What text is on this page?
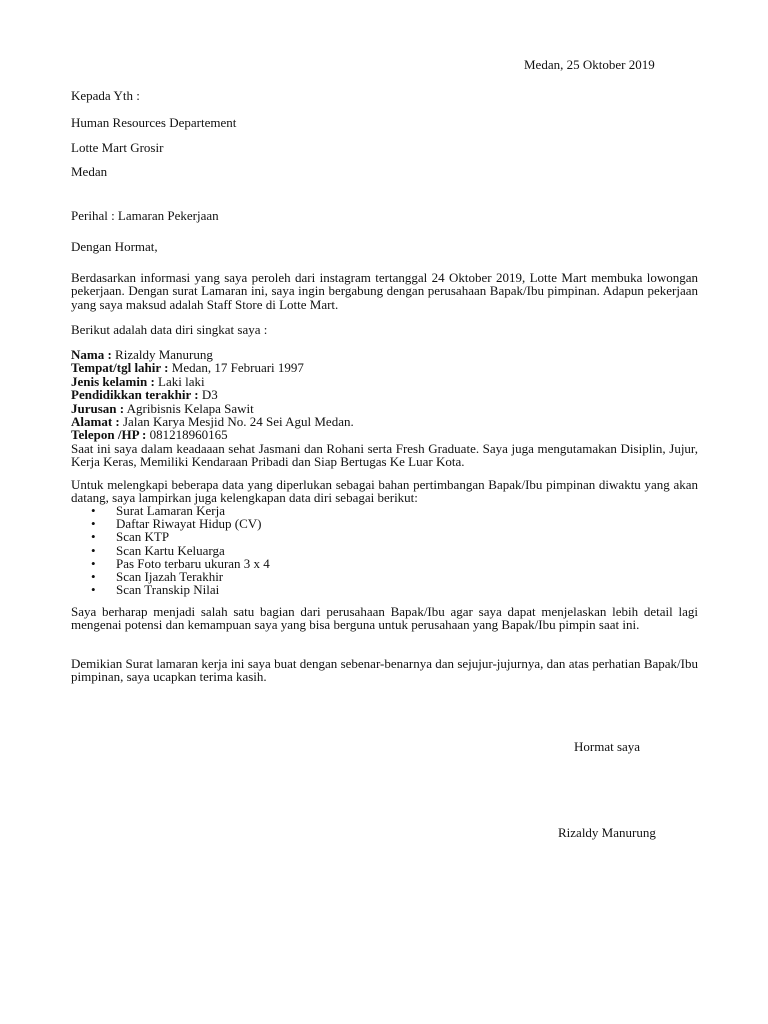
Medan, 25 Oktober 2019
Kepada Yth :
Human Resources Departement
Lotte Mart Grosir
Medan
Perihal : Lamaran Pekerjaan
Dengan Hormat,
Berdasarkan informasi yang saya peroleh dari instagram tertanggal 24 Oktober 2019, Lotte Mart membuka lowongan pekerjaan. Dengan surat Lamaran ini, saya ingin bergabung dengan perusahaan Bapak/Ibu pimpinan. Adapun pekerjaan yang saya maksud adalah Staff Store di Lotte Mart.
Berikut adalah data diri singkat saya :
Nama : Rizaldy Manurung
Tempat/tgl lahir : Medan, 17 Februari 1997
Jenis kelamin : Laki laki
Pendidikkan terakhir : D3
Jurusan : Agribisnis Kelapa Sawit
Alamat : Jalan Karya Mesjid No. 24 Sei Agul Medan.
Telepon /HP : 081218960165
Saat ini saya dalam keadaaan sehat Jasmani dan Rohani serta Fresh Graduate. Saya juga mengutamakan Disiplin, Jujur, Kerja Keras, Memiliki Kendaraan Pribadi dan Siap Bertugas Ke Luar Kota.
Untuk melengkapi beberapa data yang diperlukan sebagai bahan pertimbangan Bapak/Ibu pimpinan diwaktu yang akan datang, saya lampirkan juga kelengkapan data diri sebagai berikut:
• Surat Lamaran Kerja
• Daftar Riwayat Hidup (CV)
• Scan KTP
• Scan Kartu Keluarga
• Pas Foto terbaru ukuran 3 x 4
• Scan Ijazah Terakhir
• Scan Transkip Nilai
Saya berharap menjadi salah satu bagian dari perusahaan Bapak/Ibu agar saya dapat menjelaskan lebih detail lagi mengenai potensi dan kemampuan saya yang bisa berguna untuk perusahaan yang Bapak/Ibu pimpin saat ini.
Demikian Surat lamaran kerja ini saya buat dengan sebenar-benarnya dan sejujur-jujurnya, dan atas perhatian Bapak/Ibu pimpinan, saya ucapkan terima kasih.
Hormat saya
Rizaldy Manurung
